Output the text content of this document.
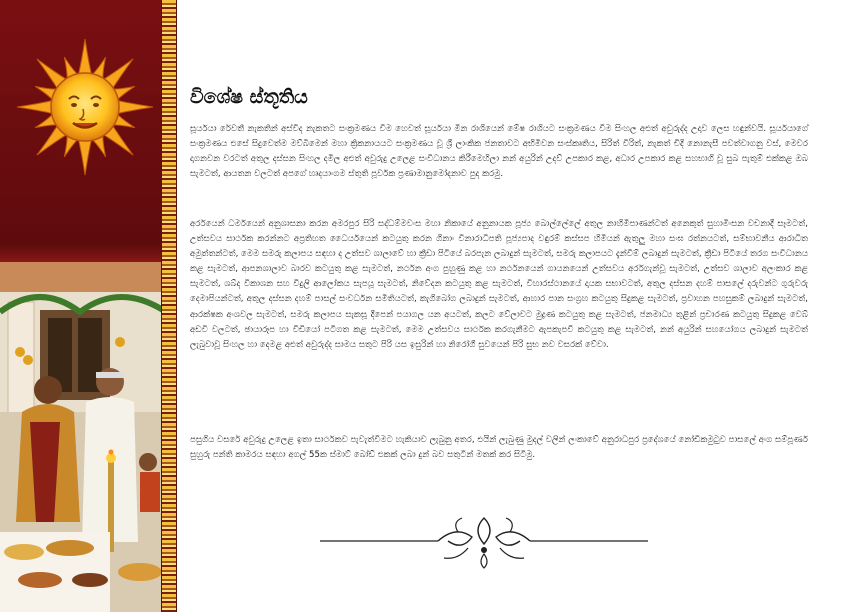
විශේෂ ස්තූතිය

සූර්යයා රේවතී නැකතින් අස්විද නැකතට සංක්‍රමණය වීම හෙවත් සූර්යයා මීන රාශියෙන් මේෂ රාශියට සංක්‍රමණය වීම සිංහල අළුත් අවුරුද්ද උදාව ලෙස හඳුන්වයි. සූර්යයාගේ සංක්‍රමණය එසේ සිදුවෙත්ම මව්බිමෙන් මහා ක්‍රිකනායයට සංක්‍රමණය වූ ශ්‍රී ලාංකික ජනතාවට අභිමිවන සංස්කෘතිය, සිරිත් විරිත්, නැකත් චිදි නොනැසී පවත්වාගනු වස්, මෙවර දාගනවන වරටත් අතුල දස්සන සිංහල දමිල අළුත් අවුරුදු උලෙළ සංවිධානය කිරීමෙහිලා නන් අයුරින් උදව් උපකාර කළ, අධාර උපකාර කළ සහභාගි වූ සුබ පැතුම් එක්කළ ඔබ සැමටත්, ආයතන වලටත් අපගේ හෘදයාංගම ස්තුති පූර්වක ප්‍රණාමානුමෝදනාව පුද කරමු.

අර්රයෙන් ධර්මයෙන් අනුශාසනා කරන අමරපුර සිරි සද්ධම්මවංස මහා නිකායේ අනුනායක පූජ්‍ය බොල්ලේලේ අතුල නාහිමිපාණන්ටත් අනෙකුත් සුහාමිංසන වචනාදී සෑමටත්, උත්සවය සාර්ථක කරන්නට අප්‍රතිහත ධෛර්යයෙන් කටයුතු කරන ගිනාං විනාරාධිපති පූජ්‍යපාද වඳුරම් කස්සප හිමියන් ඇතුලු මහා සංඝ රත්නයටත්, සම්භාවනීය ආරාධිත අමුත්තන්ටත්, මෙම සමරු කලාපය සඳහා ද උත්සව ශාලාවේ හා ක්‍රීඩා පිටියේ බරපැන ලබාදුන් සැමටත්, සමරු කලාපයට දැන්වීම් ලබාදුන් සැමටත්, ක්‍රීඩා පිටියේ තරග සංවිධානය කළ සැමටත්, ආපනශාලාව බාරව කටයුතු කළ සැමටත්, නර්ථන අංග පුහුණු කළ හා නර්ථනයෙන් ගායනයෙන් උත්සවය අර්රගැන්වූ සැමටත්, උත්සව ශාලාව අලංකාර කළ සැමටත්, ශබ්ද විකාශන සහ විදුලි ආලෝකය සැපයූ සැමටත්, නිවේදන කටයුතු කළ සැමටත්, විහාරස්ථානයේ දායක සභාවටත්, අතුල දස්සන දහම් පාසලේ දරුවන්ට ගුරුවරු දෙමාපියන්ටත්, අතුල දස්සන දහම් පාසල් සංවර්ධන සමිතියටත්, කැගිබෝග ලබාදුන් සැමටත්, ආහාර පාන සංග්‍රහ කටයුතු සිදුකළ සැමටත්, ප්‍රවාහන පහසුකම් ලබාදුන් සැමටත්, ආරක්ෂක අංශවල සැමටත්, සමරු කලාපය සැකසූ දීපෙන් පයාගල යන අයටත්, කලට වේලාවට මුද්‍රණ කටයුතු කළ සැමටත්, ජනමාධ්‍ය තුළින් ප්‍රචාරණ කටයුතු සිදුකළ වෙබ් අඩවි වලටත්, ඡායාරූප හා වීඩියෝ පටිගත කළ සැමටත්, මෙම උත්සවය සාර්ථක කරගැනීමට ඇපකැපවී කටයුතු කළ සැමටත්, නන් අයුරින් සහයෝගය ලබාදුන් සැමටත් ලැබුවාවූ සිංහල හා දෙමළ අළුත් අවුරුද්ද සාමය සතුට පිරි යස ඉසුරින් හා නිරෝගී සුවයෙන් පිරි සුභ නව වසරක් වේවා.

පසුගිය වසරේ අවුරුදු උලෙළ ඉතා සාර්ථකව පැවැත්වීමට හැකියාව ලැබුනු අතර, එයින් ලැබුණු මුදල් වලින් ලංකාවේ අනුරාධපුර ප්‍රදේශයේ නෝඩිකමුටුව පාසලේ අංග සම්පූර්ණ සුහුරු පන්ති කාමරය සඳහා අගල් 55ක ස්මාට් බෝඩ් එකක් ලබා දුන් බව සතුටින් මතක් කර සිටිමු.
